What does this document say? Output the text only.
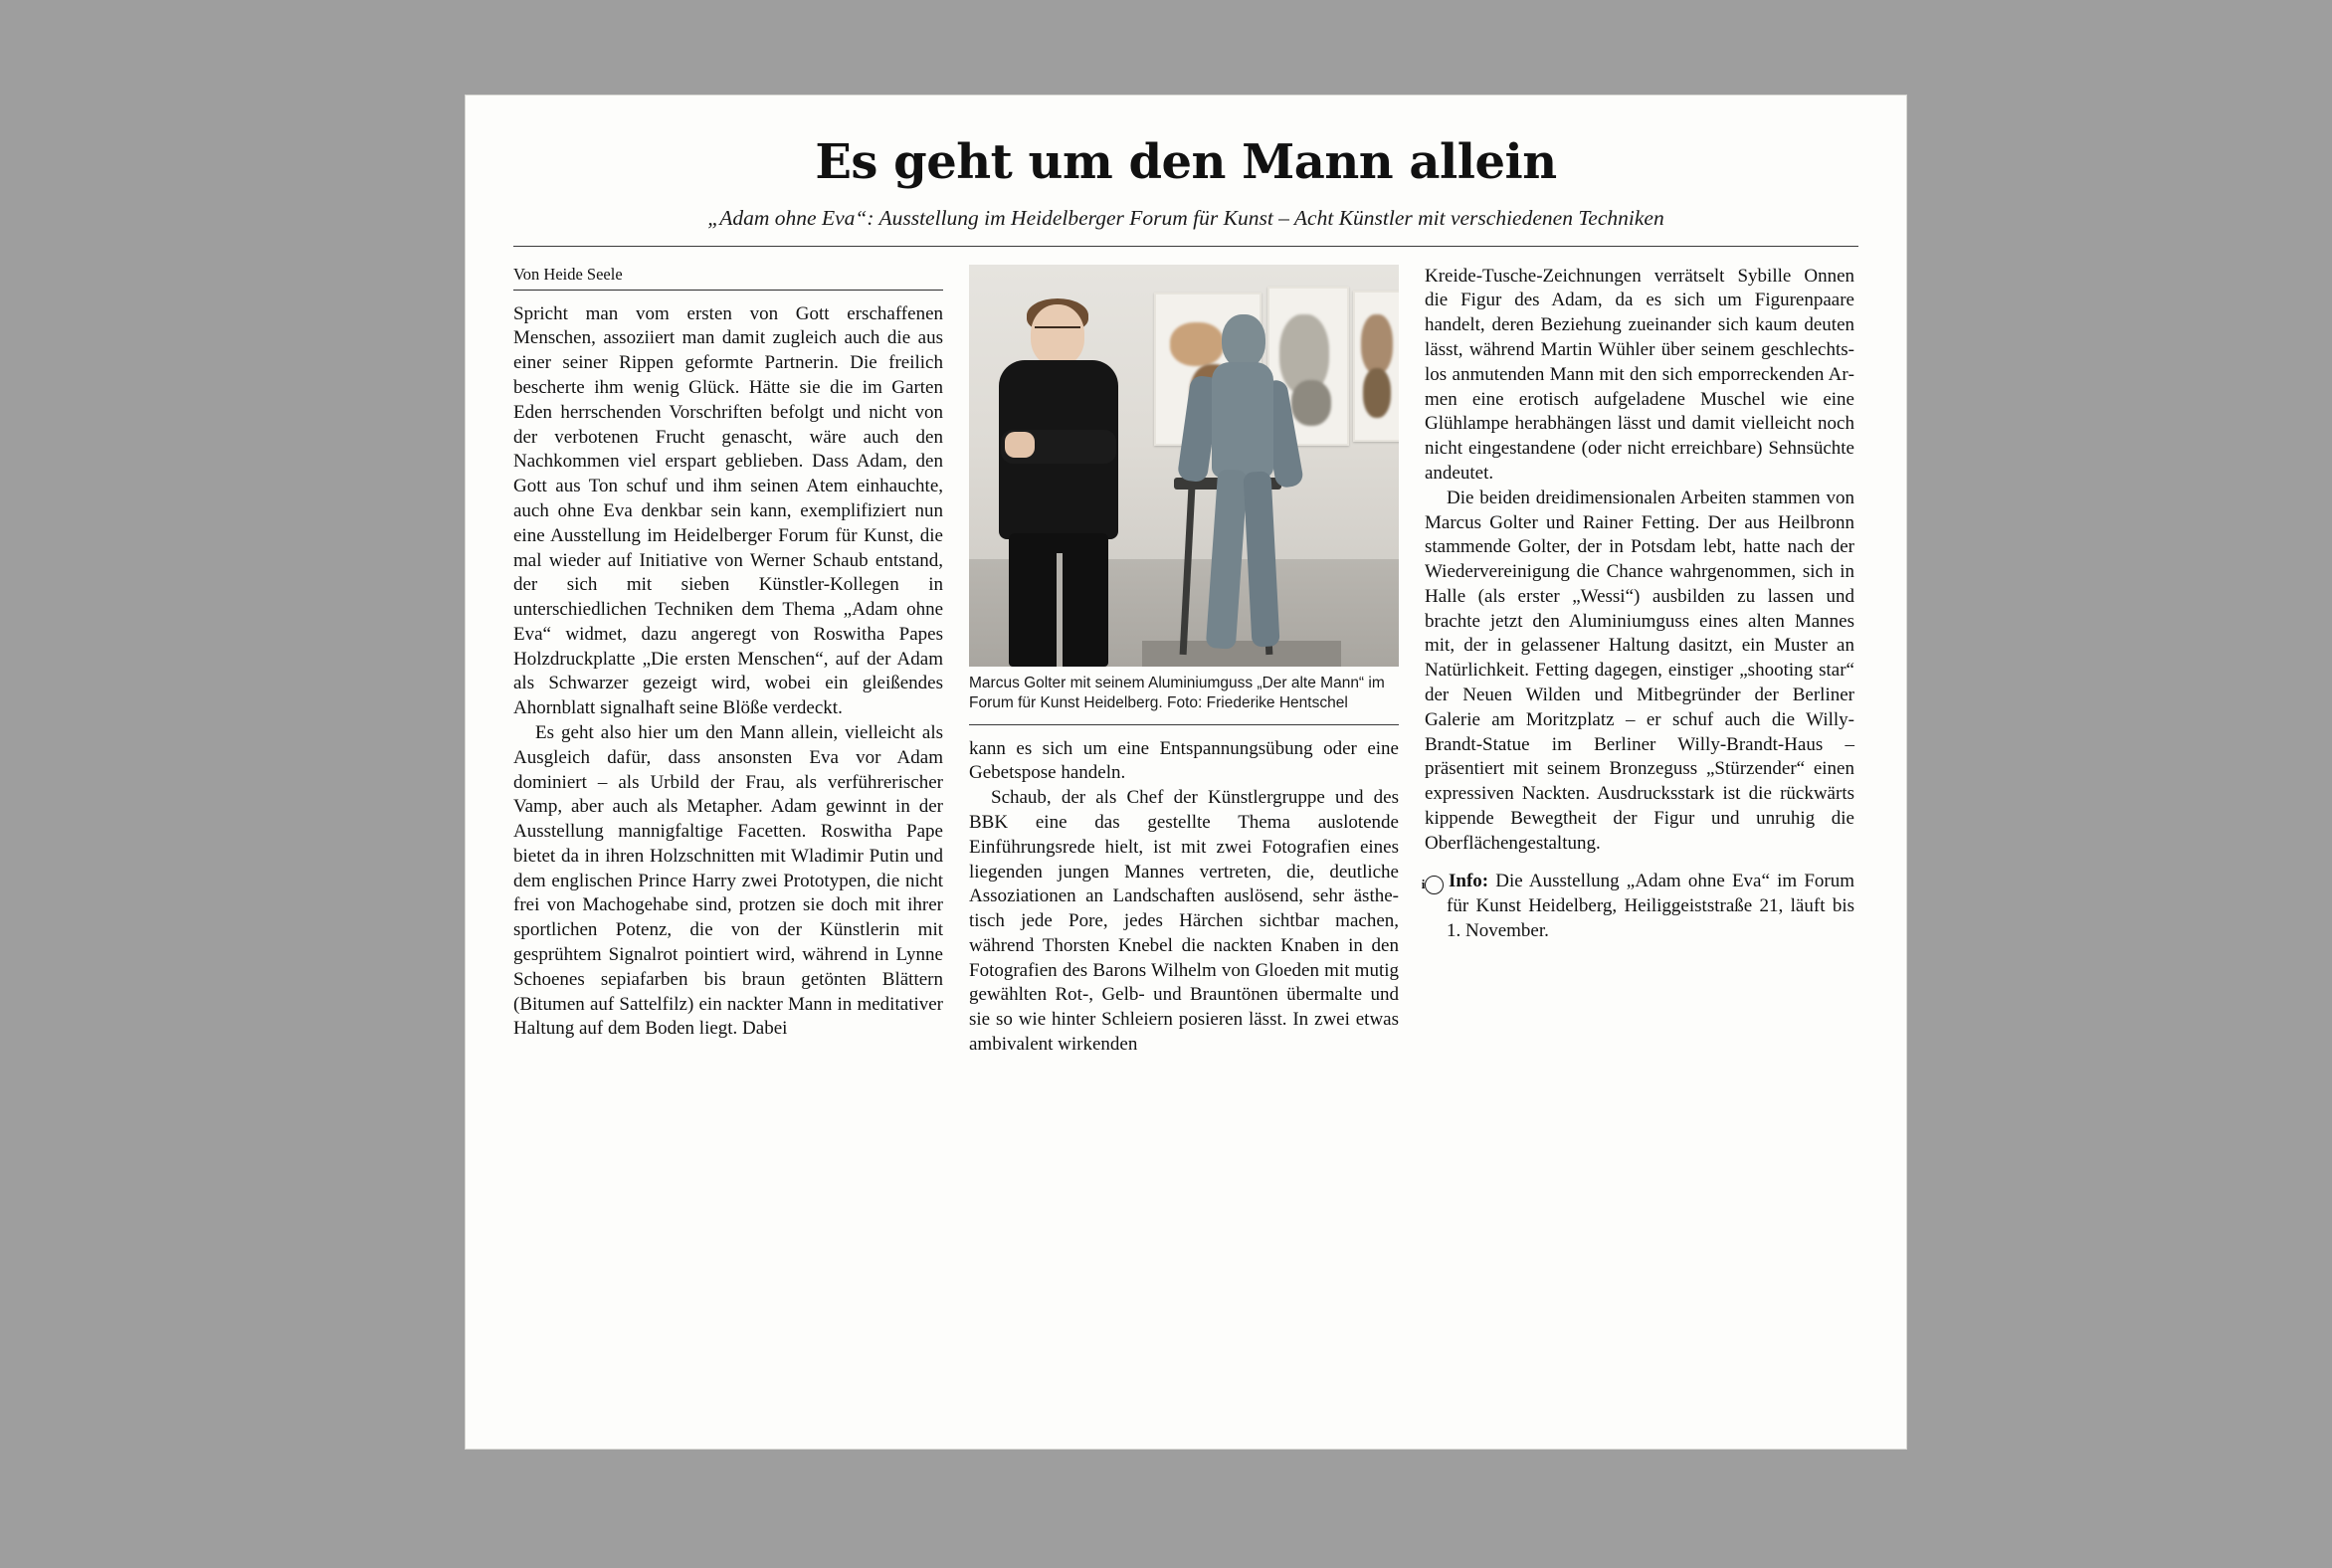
Es geht um den Mann allein
„Adam ohne Eva“: Ausstellung im Heidelberger Forum für Kunst – Acht Künstler mit verschiedenen Techniken
Von Heide Seele

Spricht man vom ersten von Gott erschaffenen Menschen, assoziiert man damit zugleich auch die aus einer seiner Rippen geformte Partnerin. Die freilich bescherte ihm wenig Glück. Hätte sie die im Garten Eden herrschenden Vorschriften befolgt und nicht von der verbotenen Frucht genascht, wäre auch den Nachkommen viel erspart geblieben. Dass Adam, den Gott aus Ton schuf und ihm seinen Atem einhauchte, auch ohne Eva denkbar sein kann, exemplifiziert nun eine Ausstellung im Heidelberger Forum für Kunst, die mal wieder auf Initiative von Werner Schaub entstand, der sich mit sieben Künstler-Kollegen in unterschiedlichen Techniken dem Thema „Adam ohne Eva“ widmet, dazu angeregt von Roswitha Papes Holzdruckplatte „Die ersten Menschen“, auf der Adam als Schwarzer gezeigt wird, wobei ein gleißendes Ahornblatt signalhaft seine Blöße verdeckt.

Es geht also hier um den Mann allein, vielleicht als Ausgleich dafür, dass ansonsten Eva vor Adam dominiert – als Urbild der Frau, als verführerischer Vamp, aber auch als Metapher. Adam gewinnt in der Ausstellung mannigfaltige Facetten. Roswitha Pape bietet da in ihren Holzschnitten mit Wladimir Putin und dem englischen Prince Harry zwei Prototypen, die nicht frei von Machogehabe sind, protzen sie doch mit ihrer sportlichen Potenz, die von der Künstlerin mit gesprühtem Signalrot pointiert wird, während in Lynne Schoenes sepiafarben bis braun getönten Blättern (Bitumen auf Sattelfilz) ein nackter Mann in meditativer Haltung auf dem Boden liegt. Dabei

Marcus Golter mit seinem Aluminiumguss „Der alte Mann“ im Forum für Kunst Heidelberg. Foto: Friederike Hentschel

kann es sich um eine Entspannungsübung oder eine Gebetspose handeln.

Schaub, der als Chef der Künstlergruppe und des BBK eine das gestellte Thema auslotende Einführungsrede hielt, ist mit zwei Fotografien eines liegenden jungen Mannes vertreten, die, deutliche Assoziationen an Landschaften auslösend, sehr ästhetisch jede Pore, jedes Härchen sichtbar machen, während Thorsten Knebel die nackten Knaben in den Fotografien des Barons Wilhelm von Gloeden mit mutig gewählten Rot-, Gelb- und Brauntönen übermalte und sie so wie hinter Schleiern posieren lässt. In zwei etwas ambivalent wirkenden

Kreide-Tusche-Zeichnungen verrätselt Sybille Onnen die Figur des Adam, da es sich um Figurenpaare handelt, deren Beziehung zueinander sich kaum deuten lässt, während Martin Wühler über seinem geschlechtslos anmutenden Mann mit den sich emporreckenden Armen eine erotisch aufgeladene Muschel wie eine Glühlampe herabhängen lässt und damit vielleicht noch nicht eingestandene (oder nicht erreichbare) Sehnsüchte andeutet.

Die beiden dreidimensionalen Arbeiten stammen von Marcus Golter und Rainer Fetting. Der aus Heilbronn stammende Golter, der in Potsdam lebt, hatte nach der Wiedervereinigung die Chance wahrgenommen, sich in Halle (als erster „Wessi“) ausbilden zu lassen und brachte jetzt den Aluminiumguss eines alten Mannes mit, der in gelassener Haltung dasitzt, ein Muster an Natürlichkeit. Fetting dagegen, einstiger „shooting star“ der Neuen Wilden und Mitbegründer der Berliner Galerie am Moritzplatz – er schuf auch die Willy-Brandt-Statue im Berliner Willy-Brandt-Haus – präsentiert mit seinem Bronzeguss „Stürzender“ einen expressiven Nackten. Ausdrucksstark ist die rückwärts kippende Bewegtheit der Figur und unruhig die Oberflächengestaltung.

i Info: Die Ausstellung „Adam ohne Eva“ im Forum für Kunst Heidelberg, Heiliggeiststraße 21, läuft bis 1. November.
